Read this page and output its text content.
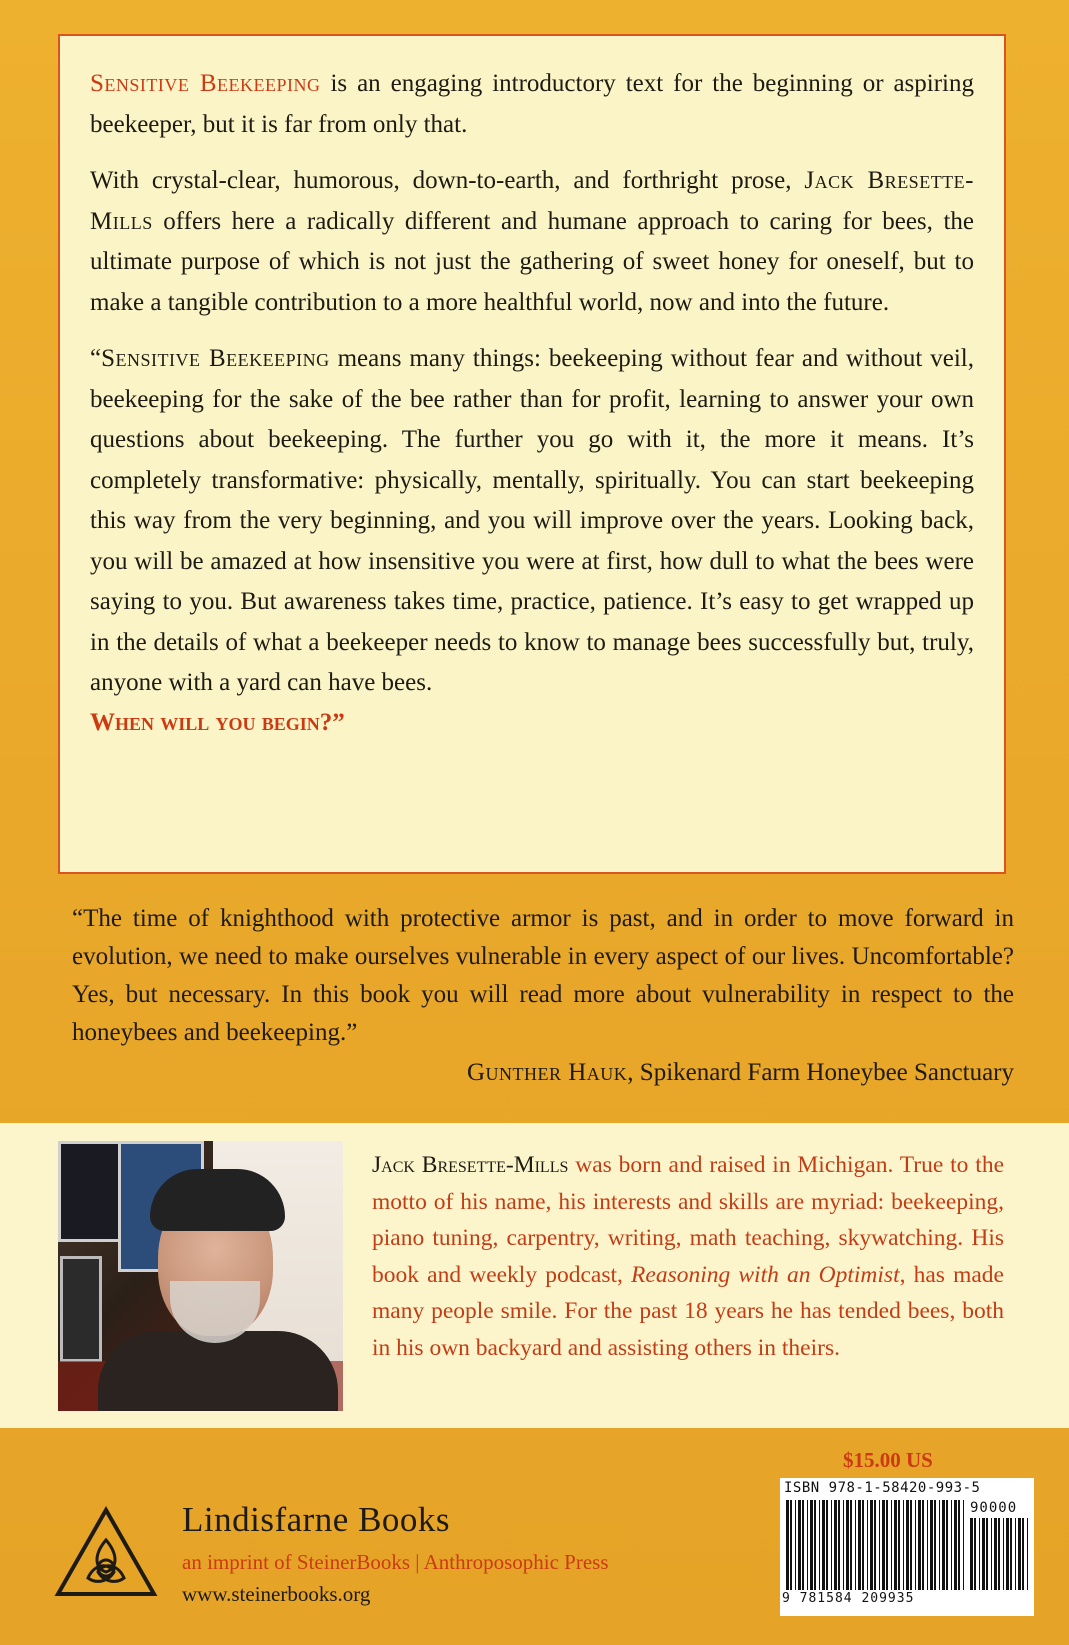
Sensitive Beekeeping is an engaging introductory text for the beginning or aspiring beekeeper, but it is far from only that.

With crystal-clear, humorous, down-to-earth, and forthright prose, Jack Bresette-Mills offers here a radically different and humane approach to caring for bees, the ultimate purpose of which is not just the gathering of sweet honey for oneself, but to make a tangible contribution to a more healthful world, now and into the future.

“Sensitive Beekeeping means many things: beekeeping without fear and without veil, beekeeping for the sake of the bee rather than for profit, learning to answer your own questions about beekeeping. The further you go with it, the more it means. It’s completely transformative: physically, mentally, spiritually. You can start beekeeping this way from the very beginning, and you will improve over the years. Looking back, you will be amazed at how insensitive you were at first, how dull to what the bees were saying to you. But awareness takes time, practice, patience. It’s easy to get wrapped up in the details of what a beekeeper needs to know to manage bees successfully but, truly, anyone with a yard can have bees.

When will you begin?”

“The time of knighthood with protective armor is past, and in order to move forward in evolution, we need to make ourselves vulnerable in every aspect of our lives. Uncomfortable? Yes, but necessary. In this book you will read more about vulnerability in respect to the honeybees and beekeeping.”
Gunther Hauk, Spikenard Farm Honeybee Sanctuary
Jack Bresette-Mills was born and raised in Michigan. True to the motto of his name, his interests and skills are myriad: beekeeping, piano tuning, carpentry, writing, math teaching, skywatching. His book and weekly podcast, Reasoning with an Optimist, has made many people smile. For the past 18 years he has tended bees, both in his own backyard and assisting others in theirs.
Lindisfarne Books
an imprint of SteinerBooks | Anthroposophic Press
www.steinerbooks.org
$15.00 US
ISBN 978-1-58420-993-5
90000
9 781584 209935
